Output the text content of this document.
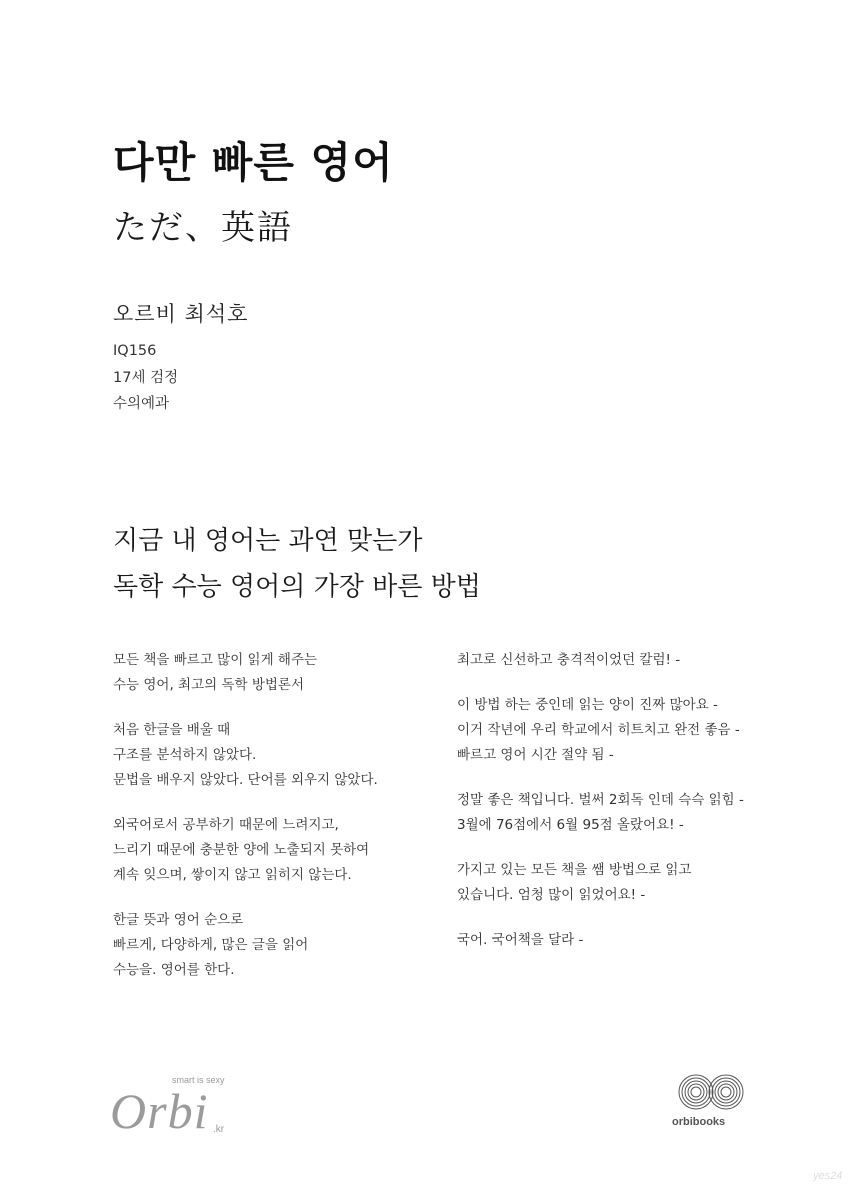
다만 빠른 영어
ただ、英語
오르비 최석호
IQ156
17세 검정
수의예과
지금 내 영어는 과연 맞는가
독학 수능 영어의 가장 바른 방법
모든 책을 빠르고 많이 읽게 해주는
수능 영어, 최고의 독학 방법론서
처음 한글을 배울 때
구조를 분석하지 않았다.
문법을 배우지 않았다. 단어를 외우지 않았다.
외국어로서 공부하기 때문에 느려지고,
느리기 때문에 충분한 양에 노출되지 못하여
계속 잊으며, 쌓이지 않고 읽히지 않는다.
한글 뜻과 영어 순으로
빠르게, 다양하게, 많은 글을 읽어
수능을. 영어를 한다.
최고로 신선하고 충격적이었던 칼럼! -
이 방법 하는 중인데 읽는 양이 진짜 많아요 -
이거 작년에 우리 학교에서 히트치고 완전 좋음 -
빠르고 영어 시간 절약 됨 -
정말 좋은 책입니다. 벌써 2회독 인데 슥슥 읽힘 -
3월에 76점에서 6월 95점 올랐어요! -
가지고 있는 모든 책을 쌤 방법으로 읽고
있습니다. 엄청 많이 읽었어요! -
국어. 국어책을 달라 -
smart is sexy
Orbi .kr
orbibooks
yes24
